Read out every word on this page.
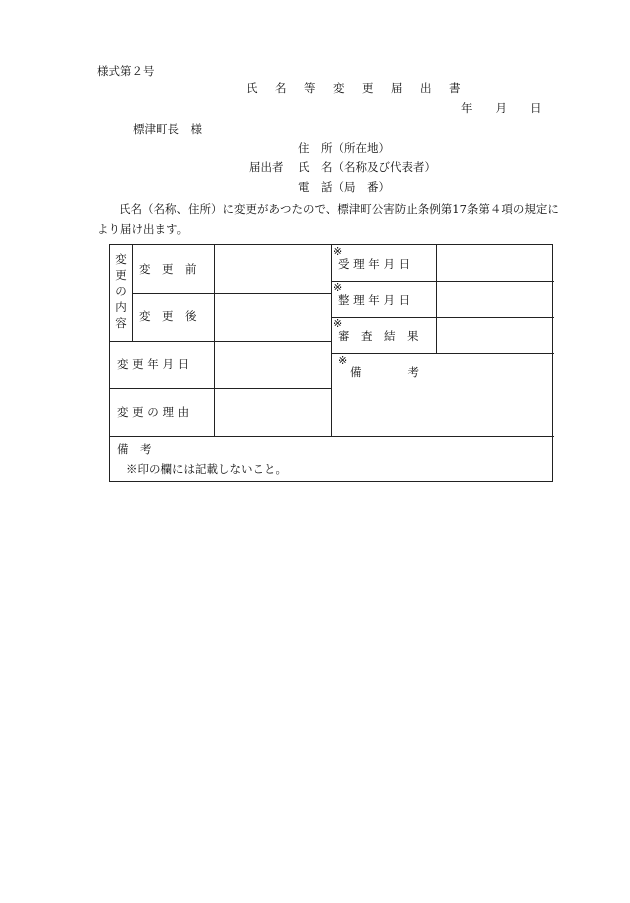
様式第２号
氏　名　等　変　更　届　出　書
年　　月　　日
標津町長　様
住　所（所在地）
届出者 氏　名（名称及び代表者）
電　話（局　番）
氏名（名称、住所）に変更があつたので、標津町公害防止条例第17条第４項の規定により届け出ます。
変更の内容
変　更　前
変　更　後
変 更 年 月 日
変 更 の 理 由
※
受 理 年 月 日
※
整 理 年 月 日
※
審　査　結　果
※
備　　　　考
備　考
※印の欄には記載しないこと。
